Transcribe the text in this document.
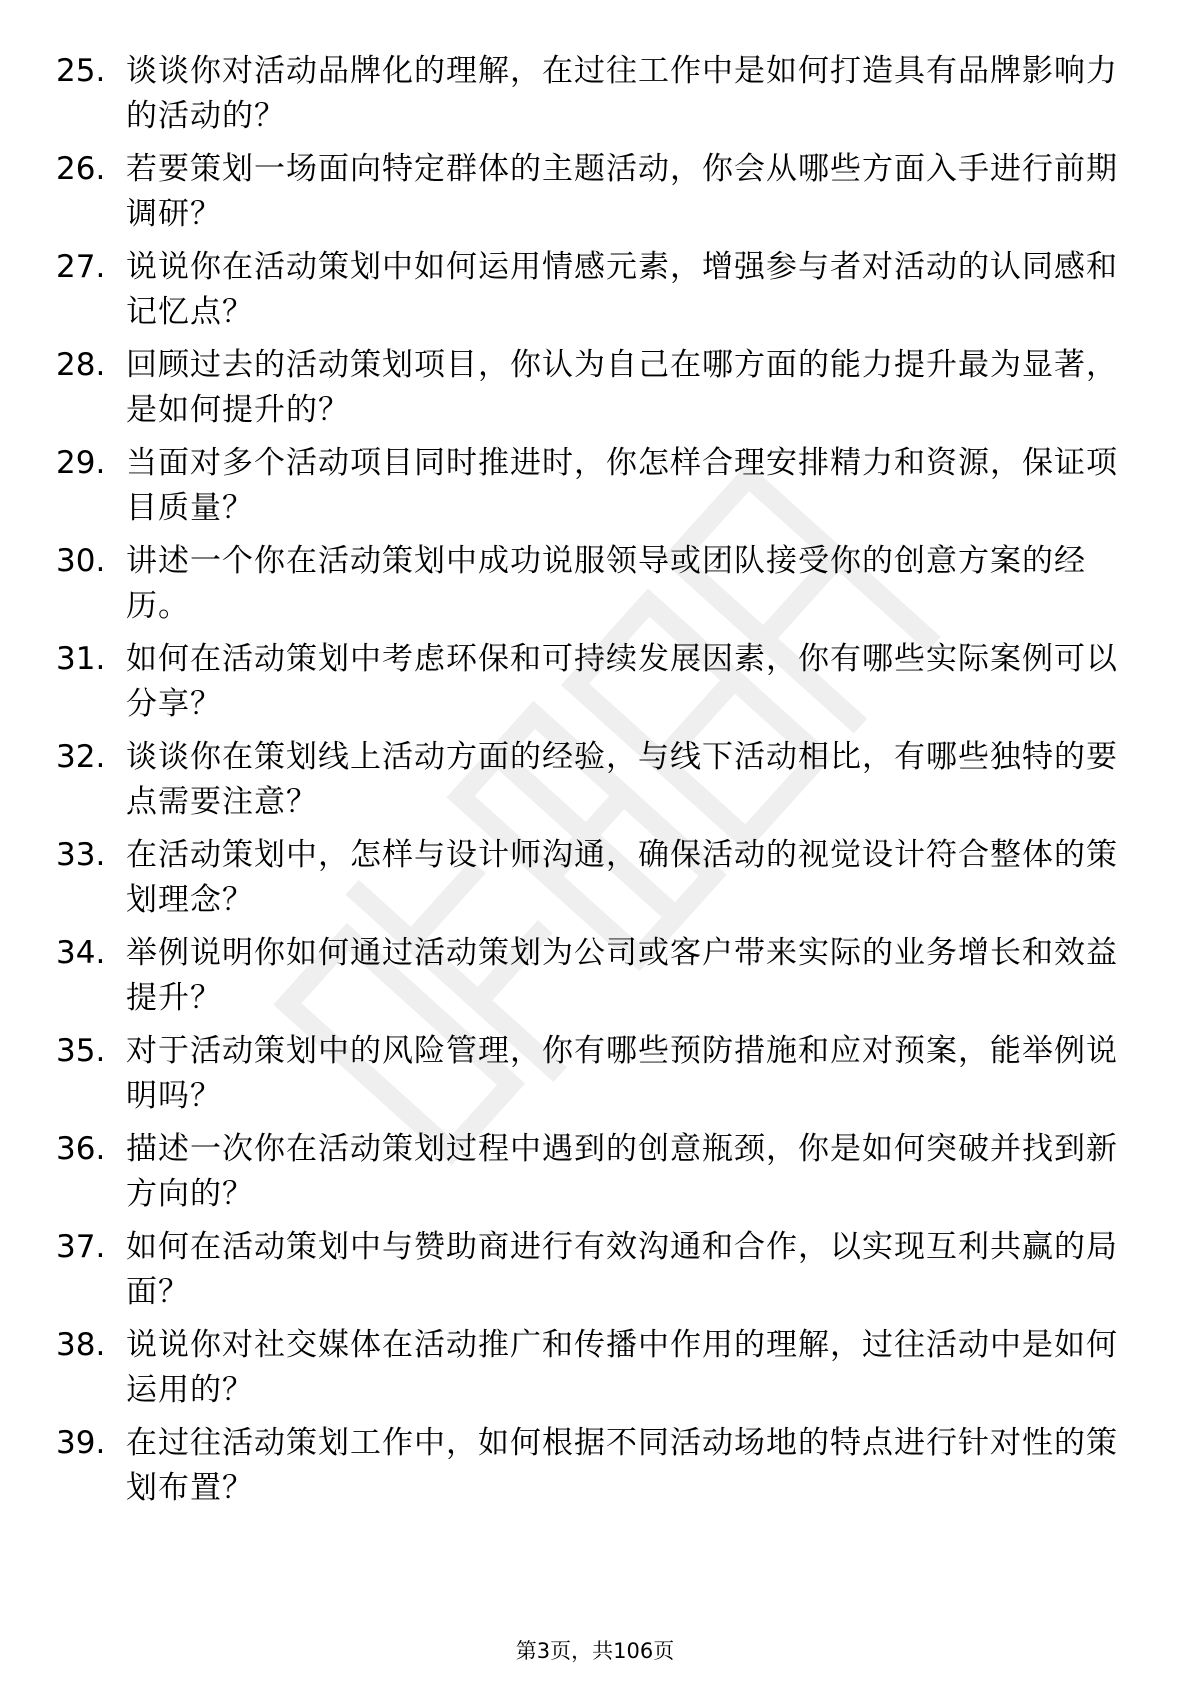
25. 谈谈你对活动品牌化的理解，在过往工作中是如何打造具有品牌影响力的活动的？
26. 若要策划一场面向特定群体的主题活动，你会从哪些方面入手进行前期调研？
27. 说说你在活动策划中如何运用情感元素，增强参与者对活动的认同感和记忆点？
28. 回顾过去的活动策划项目，你认为自己在哪方面的能力提升最为显著，是如何提升的？
29. 当面对多个活动项目同时推进时，你怎样合理安排精力和资源，保证项目质量？
30. 讲述一个你在活动策划中成功说服领导或团队接受你的创意方案的经历。
31. 如何在活动策划中考虑环保和可持续发展因素，你有哪些实际案例可以分享？
32. 谈谈你在策划线上活动方面的经验，与线下活动相比，有哪些独特的要点需要注意？
33. 在活动策划中，怎样与设计师沟通，确保活动的视觉设计符合整体的策划理念？
34. 举例说明你如何通过活动策划为公司或客户带来实际的业务增长和效益提升？
35. 对于活动策划中的风险管理，你有哪些预防措施和应对预案，能举例说明吗？
36. 描述一次你在活动策划过程中遇到的创意瓶颈，你是如何突破并找到新方向的？
37. 如何在活动策划中与赞助商进行有效沟通和合作，以实现互利共赢的局面？
38. 说说你对社交媒体在活动推广和传播中作用的理解，过往活动中是如何运用的？
39. 在过往活动策划工作中，如何根据不同活动场地的特点进行针对性的策划布置？
第3页，共106页
